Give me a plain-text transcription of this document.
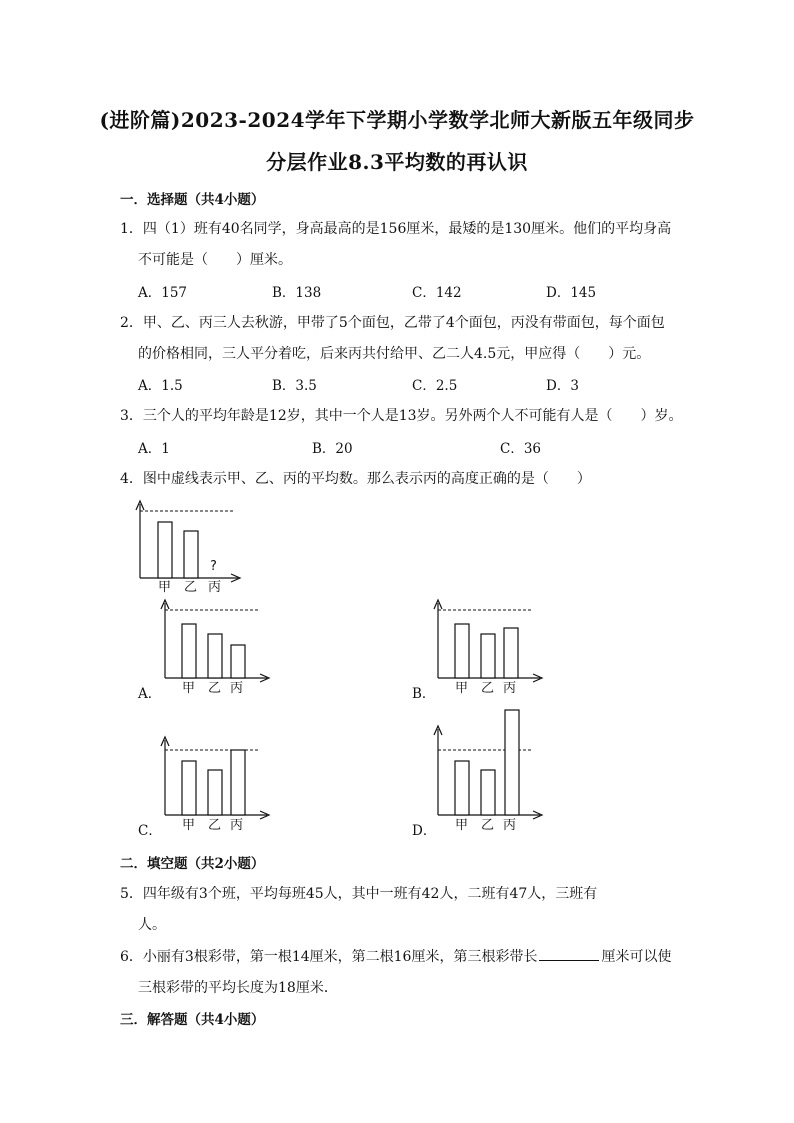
(进阶篇)2023-2024学年下学期小学数学北师大新版五年级同步
分层作业8.3平均数的再认识
一．选择题（共4小题）
1．四（1）班有40名同学，身高最高的是156厘米，最矮的是130厘米。他们的平均身高
不可能是（　　）厘米。
A．157	B．138	C．142	D．145
2．甲、乙、丙三人去秋游，甲带了5个面包，乙带了4个面包，丙没有带面包，每个面包
的价格相同，三人平分着吃，后来丙共付给甲、乙二人4.5元，甲应得（　　）元。
A．1.5	B．3.5	C．2.5	D．3
3．三个人的平均年龄是12岁，其中一个人是13岁。另外两个人不可能有人是（　　）岁。
A．1	B．20	C．36
4．图中虚线表示甲、乙、丙的平均数。那么表示丙的高度正确的是（　　）
?
甲 乙 丙
A． 甲 乙 丙	B． 甲 乙 丙
C． 甲 乙 丙	D． 甲 乙 丙
二．填空题（共2小题）
5．四年级有3个班，平均每班45人，其中一班有42人，二班有47人，三班有
人。
6．小丽有3根彩带，第一根14厘米，第二根16厘米，第三根彩带长	厘米可以使
三根彩带的平均长度为18厘米．
三．解答题（共4小题）
